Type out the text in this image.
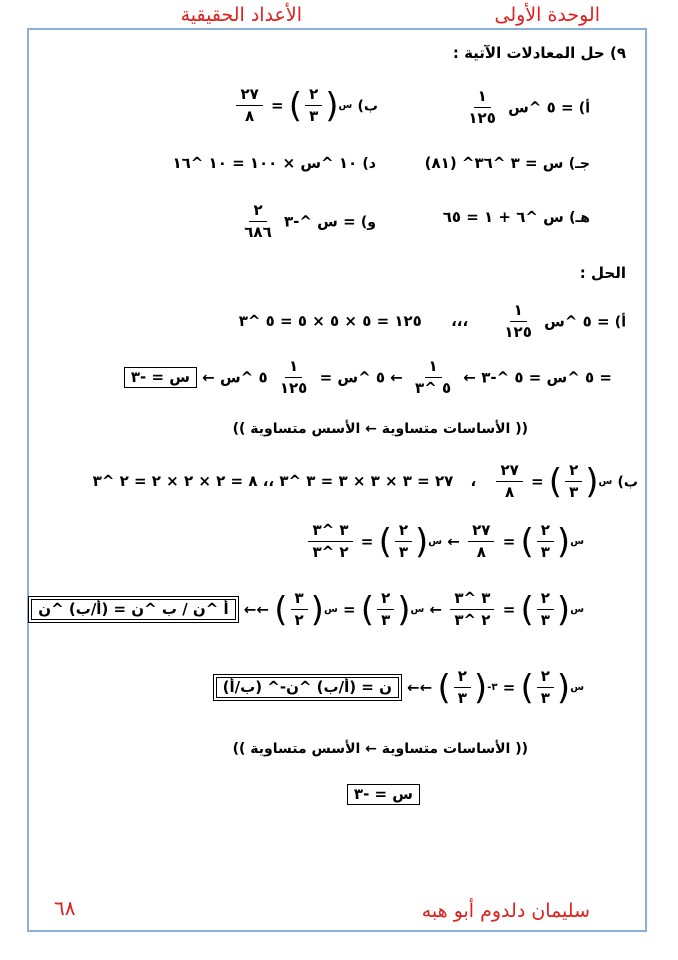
الوحدة الأولى
الأعداد الحقيقية
٩) حل المعادلات الآتية :
أ)
$\frac{١}{١٢٥}$ ٥ ^س =
ب)
$\frac{٢٧}{٨}$ = ( $\frac{٢}{٣}$ ) س
جـ) (٨١) ^س = ٣ ^٣٦
د) ١٠ ^س × ١٠٠ = ١٠ ^١٦
هـ) س ^٦ + ١ = ٦٥
و)
$\frac{٢}{٦٨٦}$ س ^-٣ =
الحل :
أ)
$\frac{١}{١٢٥}$ ٥ ^س = ،،، ١٢٥ = ٥ × ٥ × ٥ = ٥ ^٣
س = -٣ ← ٥ ^س = ٥ ^-٣ ←
$\frac{١}{٥ \^{}٣}$
← ٥ ^س =
$\frac{١}{١٢٥}$
٥ ^س =
(( الأساسات متساوية ← الأسس متساوية ))
ب)
$\frac{٢٧}{٨}$ = ( $\frac{٢}{٣}$ ) س
، ٢٧ = ٣ × ٣ × ٣ = ٣ ^٣ ،، ٨ = ٢ × ٢ × ٢ = ٢ ^٣
$\frac{٣ \^{}٣}{٢ \^{}٣}$ = ( $\frac{٢}{٣}$ ) س ← $\frac{٢٧}{٨}$ = ( $\frac{٢}{٣}$ ) س
أ ^ن / ب ^ن = (أ/ب) ^ن ←← ( $\frac{٣}{٢}$ ) س = ( $\frac{٢}{٣}$ ) س ← $\frac{٣ \^{}٣}{٢ \^{}٣}$ = ( $\frac{٢}{٣}$ ) س
(ب/أ) ^-ن = (أ/ب) ^ن ←← ( $\frac{٢}{٣}$ ) -٣ = ( $\frac{٢}{٣}$ ) س
(( الأساسات متساوية ← الأسس متساوية ))
س = -٣
سليمان دلدوم أبو هبه
٦٨
